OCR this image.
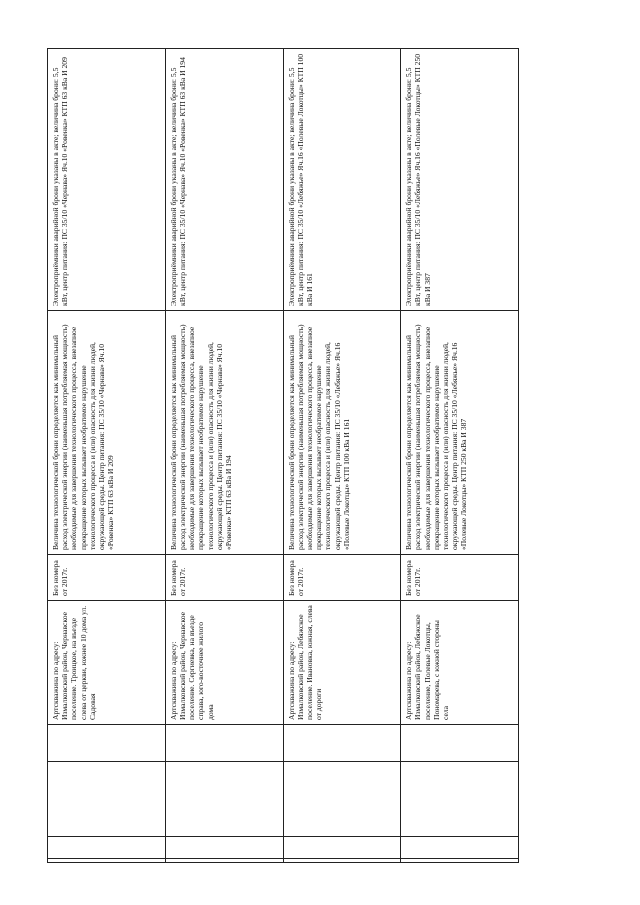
	Артскважина по адресу: Измалковский район, Чернавское поселение. Троицкое, на въезде слева от церкви, южнее 10 дома ул. Садовая	Без номера от 2017г.	Величина технологической брони определяется как минимальный расход электрической энергии (наименьшая потребляемая мощность) необходимые для завершения технологического процесса, внезапное прекращение которых вызывает необратимое нарушение технологического процесса и (или) опасность для жизни людей, окружающей среды. Центр питания: ПС 35/10 «Чернава» Яч.10 «Ровенка» КТП 63 кВа И 209	Электроприёмники аварийной брони указаны в акте; величина брони: 5,5 кВт, центр питания: ПС 35/10 «Чернава» Яч.10 «Ровенка» КТП 63 кВа И 209
	Артскважина по адресу: Измалковский район, Чернавское поселение. Сергиевка, на въезде справа, юго-восточнее жилого дома	Без номера от 2017г.	Величина технологической брони определяется как минимальный расход электрической энергии (наименьшая потребляемая мощность) необходимые для завершения технологического процесса, внезапное прекращение которых вызывает необратимое нарушение технологического процесса и (или) опасность для жизни людей, окружающей среды. Центр питания: ПС 35/10 «Чернава» Яч.10 «Ровенка» КТП 63 кВа И 194	Электроприёмники аварийной брони указаны в акте; величина брони: 5,5 кВт, центр питания: ПС 35/10 «Чернава» Яч.10 «Ровенка» КТП 63 кВа И 194
	Артскважина по адресу: Измалковский район, Лебяжское поселение. Ивановка, южная, слева от дороги	Без номера от 2017г.	Величина технологической брони определяется как минимальный расход электрической энергии (наименьшая потребляемая мощность) необходимые для завершения технологического процесса, внезапное прекращение которых вызывает необратимое нарушение технологического процесса и (или) опасность для жизни людей, окружающей среды. Центр питания: ПС 35/10 «Лебяжье» Яч.16 «Полевые Локотцы» КТП 100 кВа И 161	Электроприёмники аварийной брони указаны в акте; величина брони: 5,5 кВт, центр питания: ПС 35/10 «Лебяжье» Яч.16 «Полевые Локотцы» КТП 100 кВа И 161
	Артскважина по адресу: Измалковский район, Лебяжское поселение, Полевые Локотцы, Пономарева, с южной стороны села	Без номера от 2017г.	Величина технологической брони определяется как минимальный расход электрической энергии (наименьшая потребляемая мощность) необходимые для завершения технологического процесса, внезапное прекращение которых вызывает необратимое нарушение технологического процесса и (или) опасность для жизни людей, окружающей среды. Центр питания: ПС 35/10 «Лебяжье» Яч.16 «Полевые Локотцы» КТП 250 кВа И 387	Электроприёмники аварийной брони указаны в акте; величина брони: 5,5 кВт, центр питания: ПС 35/10 «Лебяжье» Яч.16 «Полевые Локотцы» КТП 250 кВа И 387
